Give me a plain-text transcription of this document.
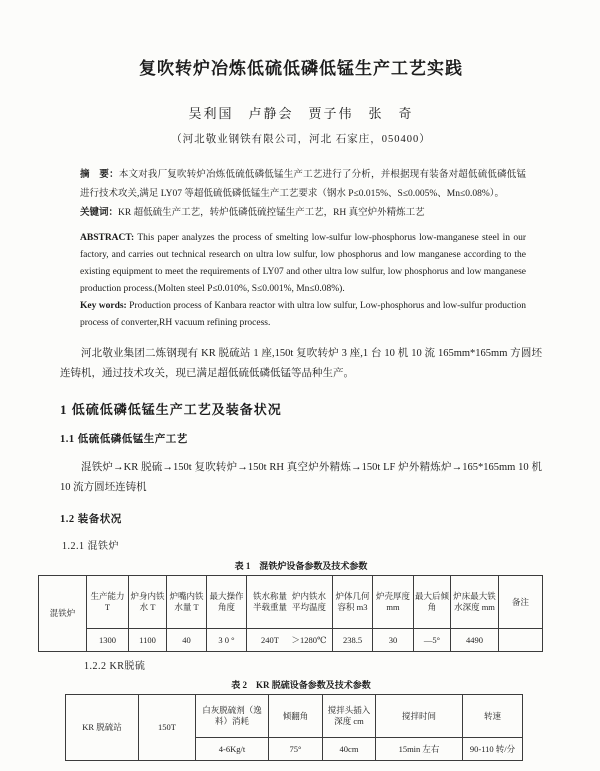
复吹转炉冶炼低硫低磷低锰生产工艺实践
吴利国　卢静会　贾子伟　张　奇
（河北敬业钢铁有限公司，河北 石家庄，050400）

摘　要：本文对我厂复吹转炉冶炼低硫低磷低锰生产工艺进行了分析，并根据现有装备对超低硫低磷低锰进行技术攻关,满足 LY07 等超低硫低磷低锰生产工艺要求（钢水 P≤0.015%、S≤0.005%、Mn≤0.08%）。
关键词：KR 超低硫生产工艺，转炉低磷低硫控锰生产工艺，RH 真空炉外精炼工艺

ABSTRACT: This paper analyzes the process of smelting low-sulfur low-phosphorus low-manganese steel in our factory, and carries out technical research on ultra low sulfur, low phosphorus and low manganese according to the existing equipment to meet the requirements of LY07 and other ultra low sulfur, low phosphorus and low manganese production process.(Molten steel P≤0.010%, S≤0.001%, Mn≤0.08%).
Key words: Production process of Kanbara reactor with ultra low sulfur, Low-phosphorus and low-sulfur production process of converter,RH vacuum refining process.

河北敬业集团二炼钢现有 KR 脱硫站 1 座,150t 复吹转炉 3 座,1 台 10 机 10 流 165mm*165mm 方圆坯连铸机，通过技术攻关，现已满足超低硫低磷低锰等品种生产。

1 低硫低磷低锰生产工艺及装备状况
1.1 低硫低磷低锰生产工艺

混铁炉→KR 脱硫→150t 复吹转炉→150t RH 真空炉外精炼→150t LF 炉外精炼炉→165*165mm 10 机 10 流方圆坯连铸机

1.2 装备状况
1.2.1 混铁炉
表 1　混铁炉设备参数及技术参数
混铁炉	生产能力 T	炉身内铁水 T	炉嘴内铁水量 T	最大操作角度	铁水称量 半载重量炉内铁水 平均温度	炉体几何容积 m3	炉壳厚度 mm	最大后倾角	炉床最大铁水深度 mm	备注
	1300	1100	40	3 0 °	240T ＞1280℃	238.5	30	—5°	4490	
1.2.2 KR脱硫
表 2　KR 脱硫设备参数及技术参数
KR 脱硫站	150T	白灰脱硫剂（逸料）消耗	倾翻角	搅拌头插入深度 cm	搅拌时间	转速
		4-6Kg/t	75°	40cm	15min 左右	90-110 转/分
